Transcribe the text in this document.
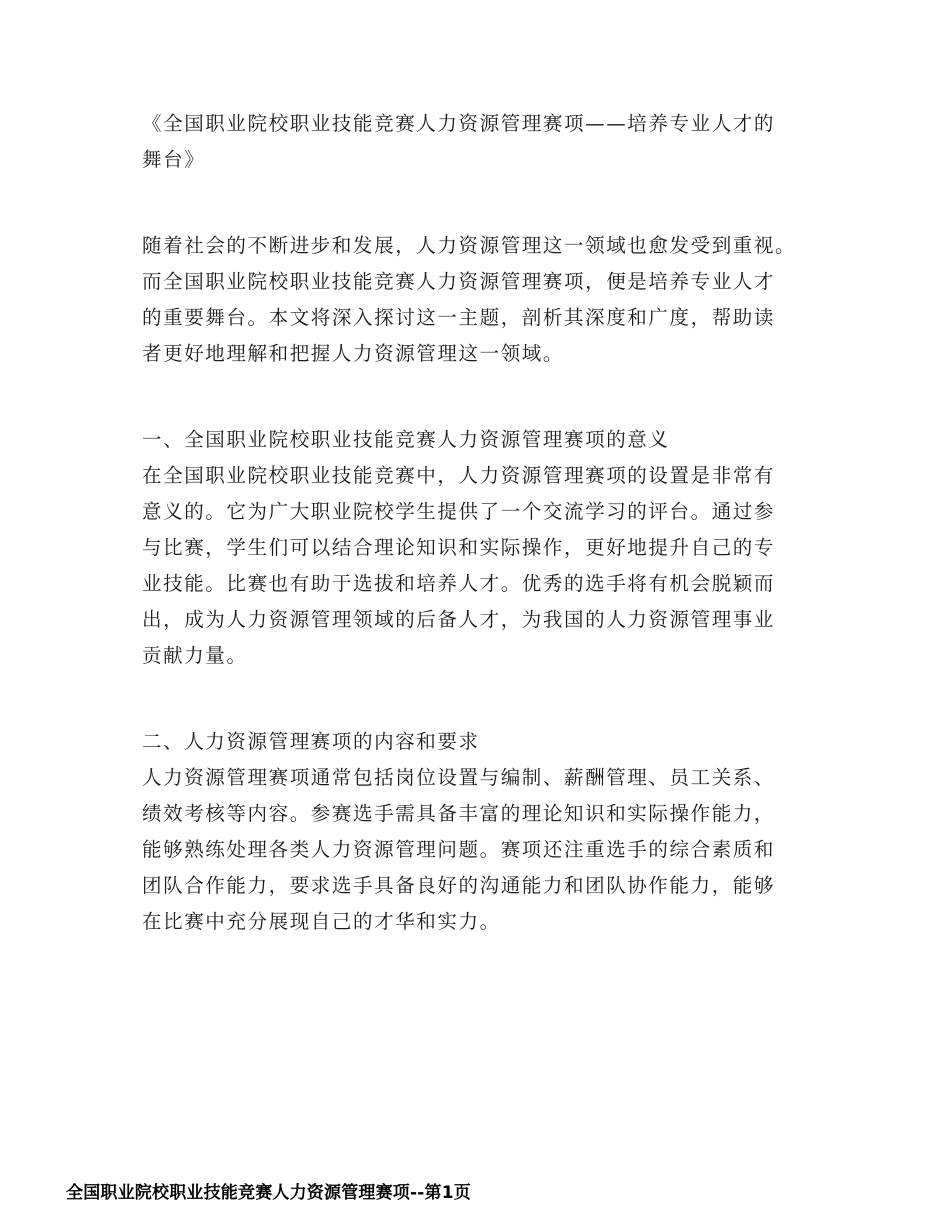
《全国职业院校职业技能竞赛人力资源管理赛项——培养专业人才的
舞台》
随着社会的不断进步和发展，人力资源管理这一领域也愈发受到重视。
而全国职业院校职业技能竞赛人力资源管理赛项，便是培养专业人才
的重要舞台。本文将深入探讨这一主题，剖析其深度和广度，帮助读
者更好地理解和把握人力资源管理这一领域。
一、全国职业院校职业技能竞赛人力资源管理赛项的意义
在全国职业院校职业技能竞赛中，人力资源管理赛项的设置是非常有
意义的。它为广大职业院校学生提供了一个交流学习的评台。通过参
与比赛，学生们可以结合理论知识和实际操作，更好地提升自己的专
业技能。比赛也有助于选拔和培养人才。优秀的选手将有机会脱颖而
出，成为人力资源管理领域的后备人才，为我国的人力资源管理事业
贡献力量。
二、人力资源管理赛项的内容和要求
人力资源管理赛项通常包括岗位设置与编制、薪酬管理、员工关系、
绩效考核等内容。参赛选手需具备丰富的理论知识和实际操作能力，
能够熟练处理各类人力资源管理问题。赛项还注重选手的综合素质和
团队合作能力，要求选手具备良好的沟通能力和团队协作能力，能够
在比赛中充分展现自己的才华和实力。
全国职业院校职业技能竞赛人力资源管理赛项--第1页
